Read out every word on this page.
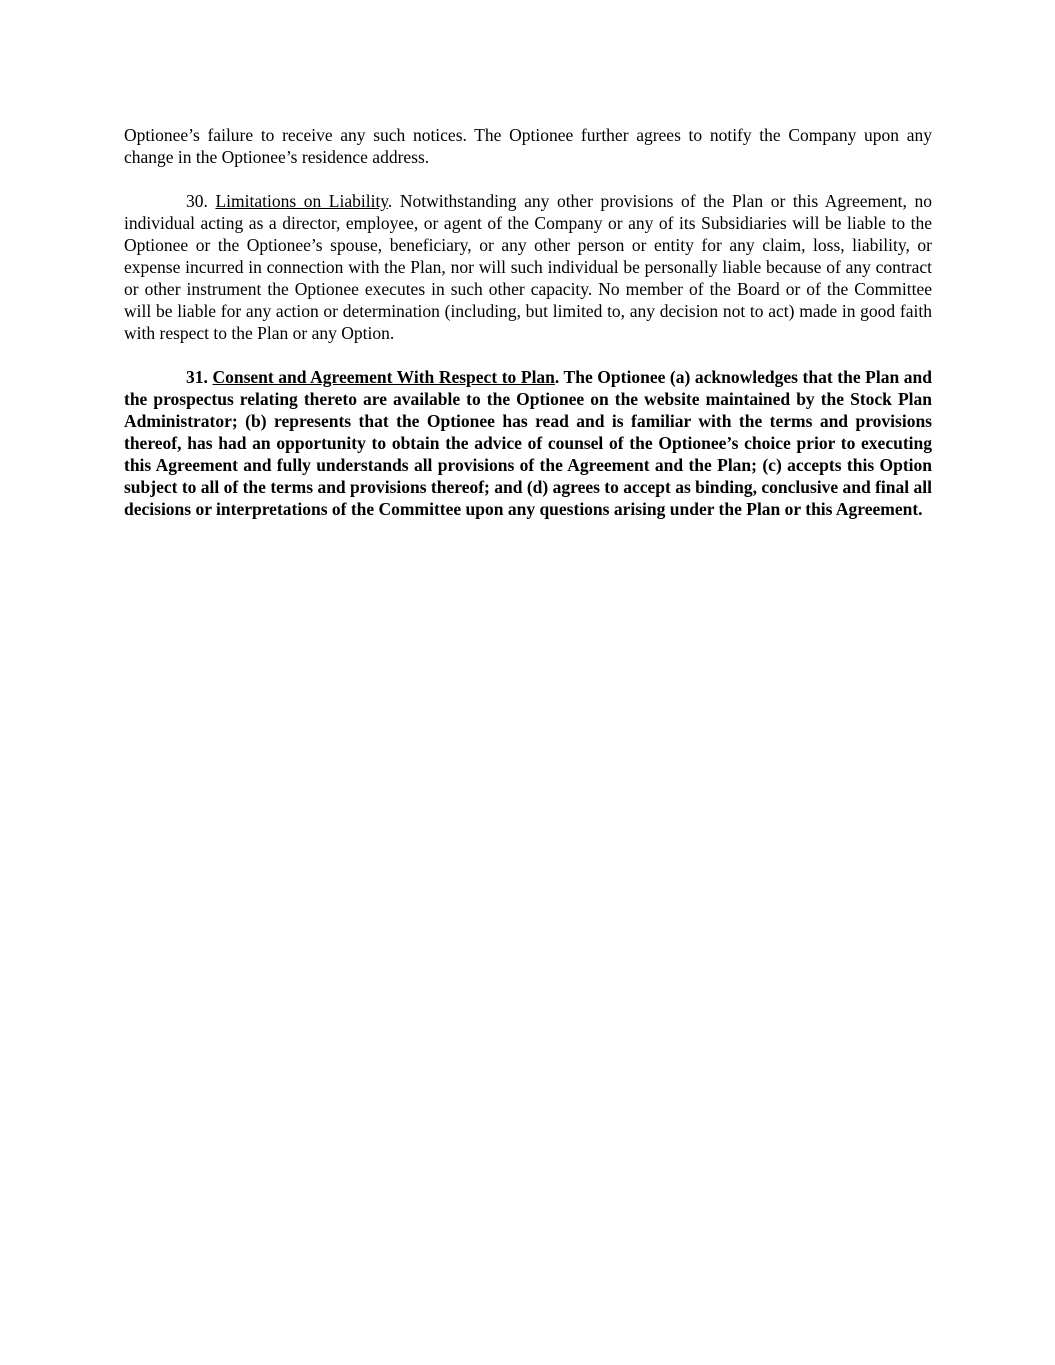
Optionee’s failure to receive any such notices. The Optionee further agrees to notify the Company upon any change in the Optionee’s residence address.

30. Limitations on Liability. Notwithstanding any other provisions of the Plan or this Agreement, no individual acting as a director, employee, or agent of the Company or any of its Subsidiaries will be liable to the Optionee or the Optionee’s spouse, beneficiary, or any other person or entity for any claim, loss, liability, or expense incurred in connection with the Plan, nor will such individual be personally liable because of any contract or other instrument the Optionee executes in such other capacity. No member of the Board or of the Committee will be liable for any action or determination (including, but limited to, any decision not to act) made in good faith with respect to the Plan or any Option.

31. Consent and Agreement With Respect to Plan. The Optionee (a) acknowledges that the Plan and the prospectus relating thereto are available to the Optionee on the website maintained by the Stock Plan Administrator; (b) represents that the Optionee has read and is familiar with the terms and provisions thereof, has had an opportunity to obtain the advice of counsel of the Optionee’s choice prior to executing this Agreement and fully understands all provisions of the Agreement and the Plan; (c) accepts this Option subject to all of the terms and provisions thereof; and (d) agrees to accept as binding, conclusive and final all decisions or interpretations of the Committee upon any questions arising under the Plan or this Agreement.
